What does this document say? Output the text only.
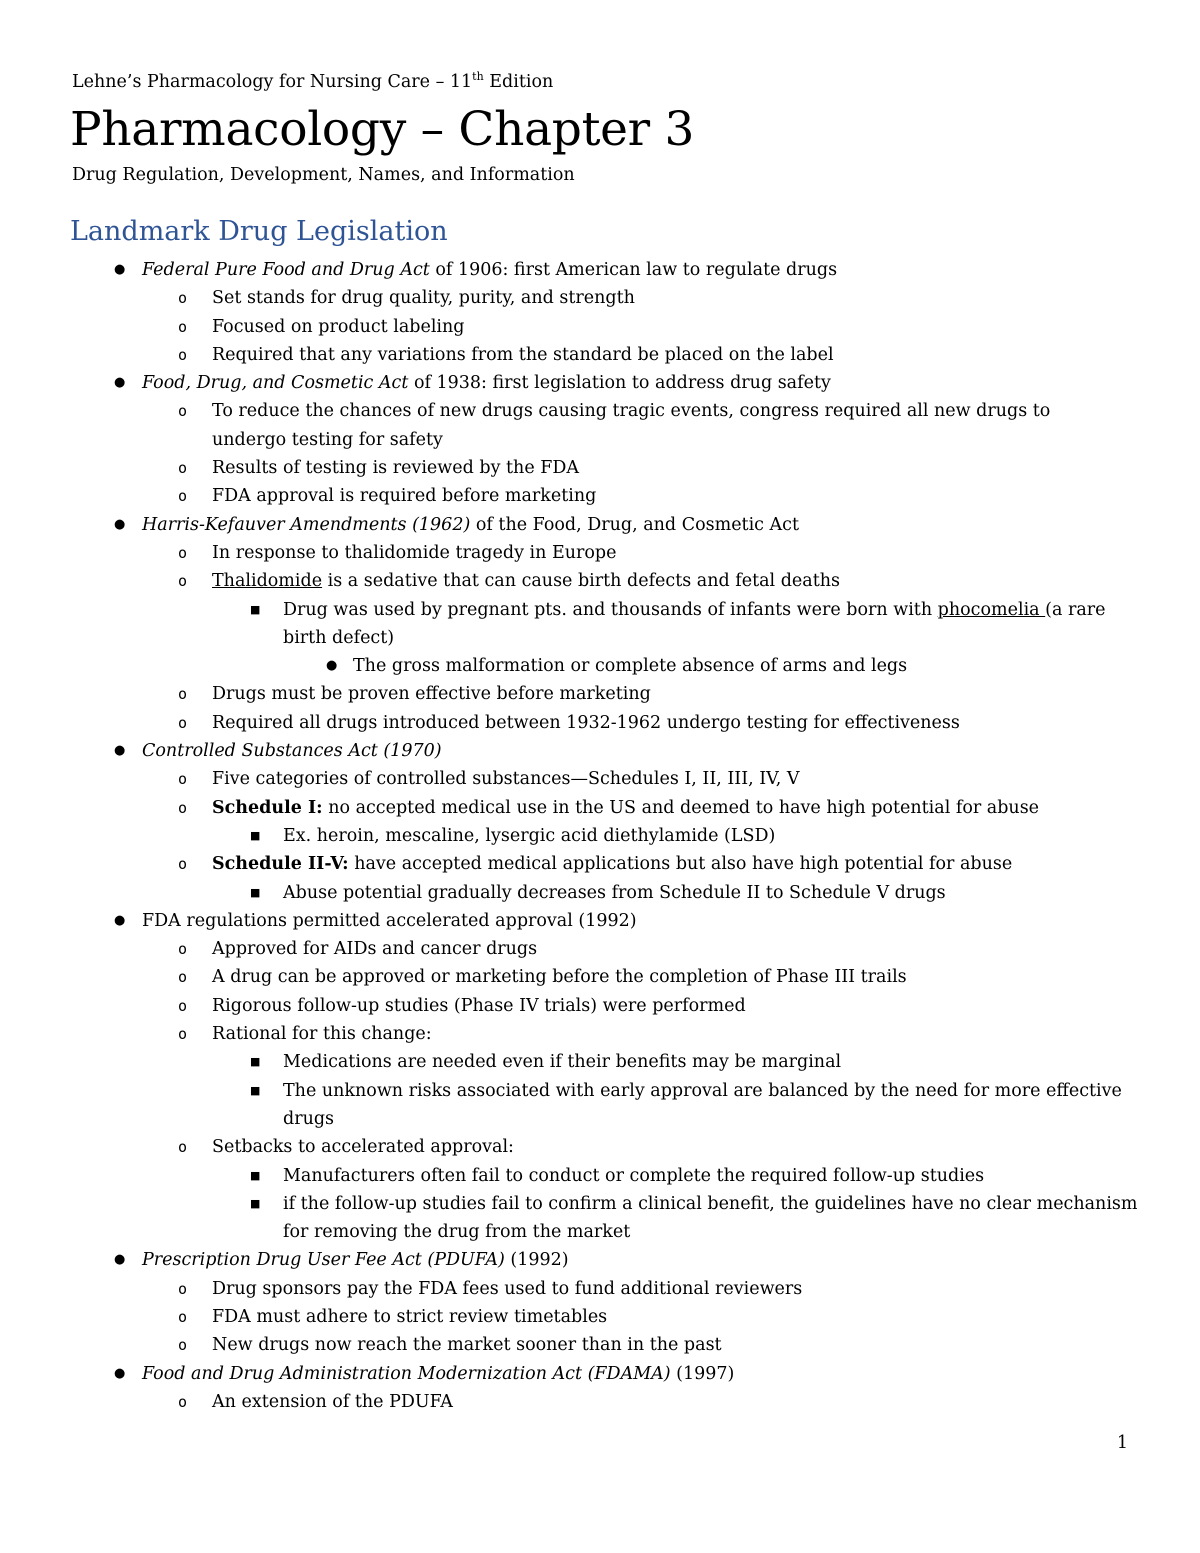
Lehne’s Pharmacology for Nursing Care – 11th Edition
Pharmacology – Chapter 3
Drug Regulation, Development, Names, and Information
Landmark Drug Legislation
● Federal Pure Food and Drug Act of 1906: first American law to regulate drugs
o Set stands for drug quality, purity, and strength
o Focused on product labeling
o Required that any variations from the standard be placed on the label
● Food, Drug, and Cosmetic Act of 1938: first legislation to address drug safety
o To reduce the chances of new drugs causing tragic events, congress required all new drugs to undergo testing for safety
o Results of testing is reviewed by the FDA
o FDA approval is required before marketing
● Harris-Kefauver Amendments (1962) of the Food, Drug, and Cosmetic Act
o In response to thalidomide tragedy in Europe
o Thalidomide is a sedative that can cause birth defects and fetal deaths
■ Drug was used by pregnant pts. and thousands of infants were born with phocomelia (a rare birth defect)
● The gross malformation or complete absence of arms and legs
o Drugs must be proven effective before marketing
o Required all drugs introduced between 1932-1962 undergo testing for effectiveness
● Controlled Substances Act (1970)
o Five categories of controlled substances—Schedules I, II, III, IV, V
o Schedule I: no accepted medical use in the US and deemed to have high potential for abuse
■ Ex. heroin, mescaline, lysergic acid diethylamide (LSD)
o Schedule II-V: have accepted medical applications but also have high potential for abuse
■ Abuse potential gradually decreases from Schedule II to Schedule V drugs
● FDA regulations permitted accelerated approval (1992)
o Approved for AIDs and cancer drugs
o A drug can be approved or marketing before the completion of Phase III trails
o Rigorous follow-up studies (Phase IV trials) were performed
o Rational for this change:
■ Medications are needed even if their benefits may be marginal
■ The unknown risks associated with early approval are balanced by the need for more effective drugs
o Setbacks to accelerated approval:
■ Manufacturers often fail to conduct or complete the required follow-up studies
■ if the follow-up studies fail to confirm a clinical benefit, the guidelines have no clear mechanism for removing the drug from the market
● Prescription Drug User Fee Act (PDUFA) (1992)
o Drug sponsors pay the FDA fees used to fund additional reviewers
o FDA must adhere to strict review timetables
o New drugs now reach the market sooner than in the past
● Food and Drug Administration Modernization Act (FDAMA) (1997)
o An extension of the PDUFA
1
